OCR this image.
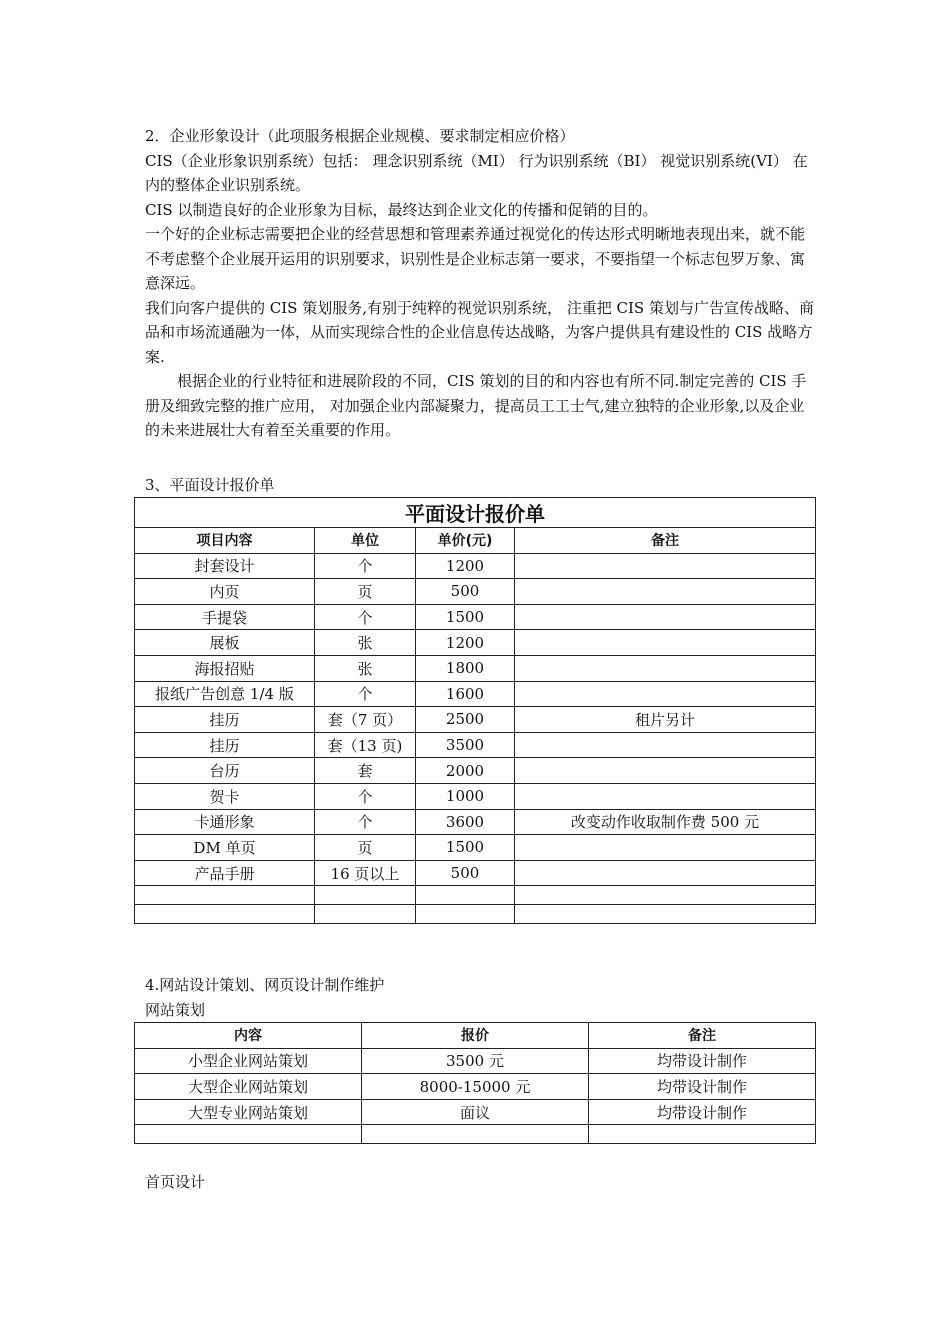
2．企业形象设计（此项服务根据企业规模、要求制定相应价格）

CIS（企业形象识别系统）包括： 理念识别系统（MI） 行为识别系统（BI） 视觉识别系统(VI） 在内的整体企业识别系统。

CIS 以制造良好的企业形象为目标，最终达到企业文化的传播和促销的目的。

一个好的企业标志需要把企业的经营思想和管理素养通过视觉化的传达形式明晰地表现出来，就不能不考虑整个企业展开运用的识别要求，识别性是企业标志第一要求，不要指望一个标志包罗万象、寓意深远。

我们向客户提供的 CIS 策划服务,有别于纯粹的视觉识别系统， 注重把 CIS 策划与广告宣传战略、商品和市场流通融为一体，从而实现综合性的企业信息传达战略，为客户提供具有建设性的 CIS 战略方案.

根据企业的行业特征和进展阶段的不同，CIS 策划的目的和内容也有所不同.制定完善的 CIS 手册及细致完整的推广应用， 对加强企业内部凝聚力，提高员工工士气,建立独特的企业形象,以及企业的未来进展壮大有着至关重要的作用。

3、平面设计报价单
平面设计报价单			
项目内容	单位	单价(元)	备注
封套设计	个	1200	
内页	页	500	
手提袋	个	1500	
展板	张	1200	
海报招贴	张	1800	
报纸广告创意 1/4 版	个	1600	
挂历	套（7 页）	2500	租片另计
挂历	套（13 页)	3500	
台历	套	2000	
贺卡	个	1000	
卡通形象	个	3600	改变动作收取制作费 500 元
DM 单页	页	1500	
产品手册	16 页以上	500	

4.网站设计策划、网页设计制作维护

网站策划

内容	报价	备注
小型企业网站策划	3500 元	均带设计制作
大型企业网站策划	8000-15000 元	均带设计制作
大型专业网站策划	面议	均带设计制作

首页设计
